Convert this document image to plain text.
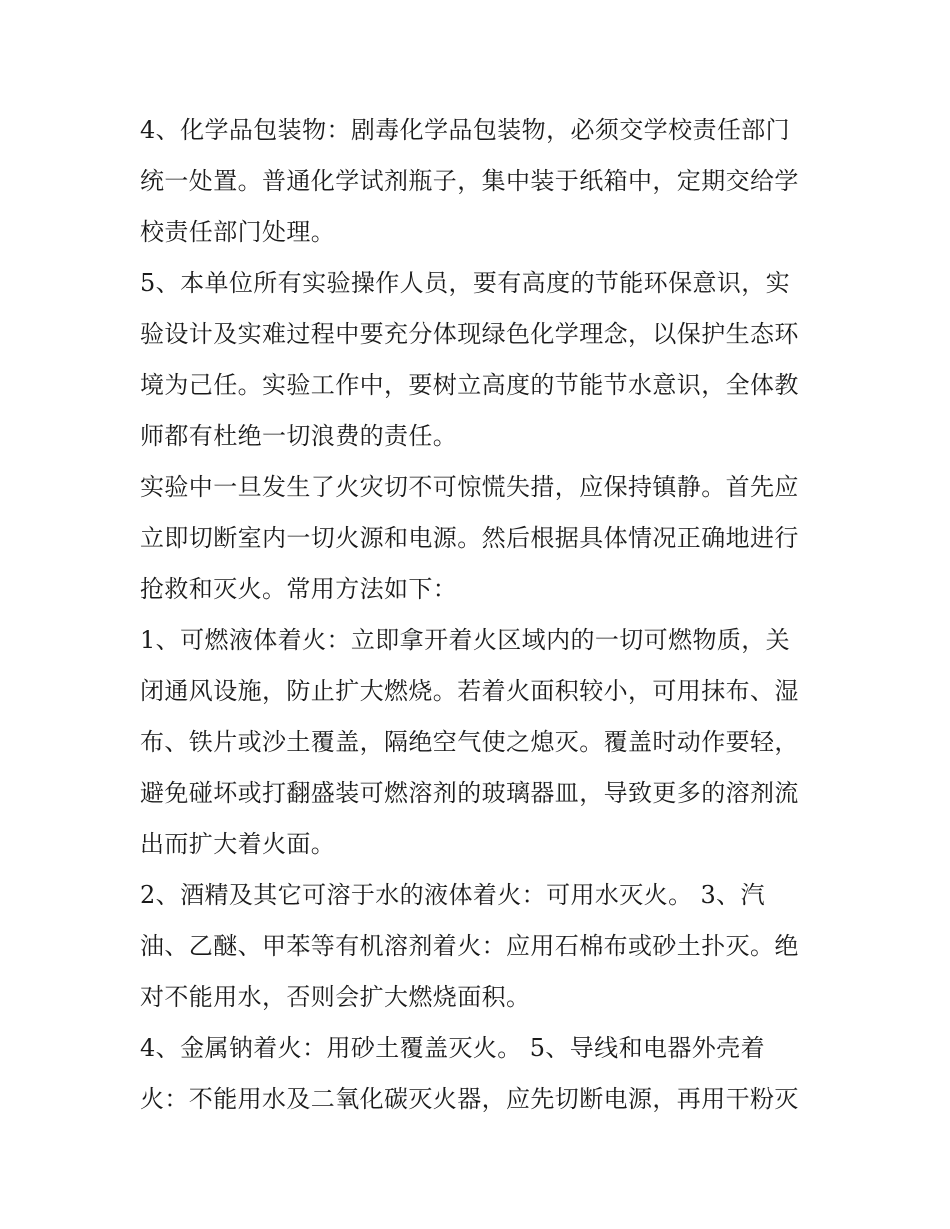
4、化学品包装物：剧毒化学品包装物，必须交学校责任部门
统一处置。普通化学试剂瓶子，集中装于纸箱中，定期交给学
校责任部门处理。
5、本单位所有实验操作人员，要有高度的节能环保意识，实
验设计及实难过程中要充分体现绿色化学理念，以保护生态环
境为己任。实验工作中，要树立高度的节能节水意识，全体教
师都有杜绝一切浪费的责任。
实验中一旦发生了火灾切不可惊慌失措，应保持镇静。首先应
立即切断室内一切火源和电源。然后根据具体情况正确地进行
抢救和灭火。常用方法如下：
1、可燃液体着火：立即拿开着火区域内的一切可燃物质，关
闭通风设施，防止扩大燃烧。若着火面积较小，可用抹布、湿
布、铁片或沙土覆盖，隔绝空气使之熄灭。覆盖时动作要轻，
避免碰坏或打翻盛装可燃溶剂的玻璃器皿，导致更多的溶剂流
出而扩大着火面。
2、酒精及其它可溶于水的液体着火：可用水灭火。 3、汽
油、乙醚、甲苯等有机溶剂着火：应用石棉布或砂土扑灭。绝
对不能用水，否则会扩大燃烧面积。
4、金属钠着火：用砂土覆盖灭火。 5、导线和电器外壳着
火：不能用水及二氧化碳灭火器，应先切断电源，再用干粉灭
